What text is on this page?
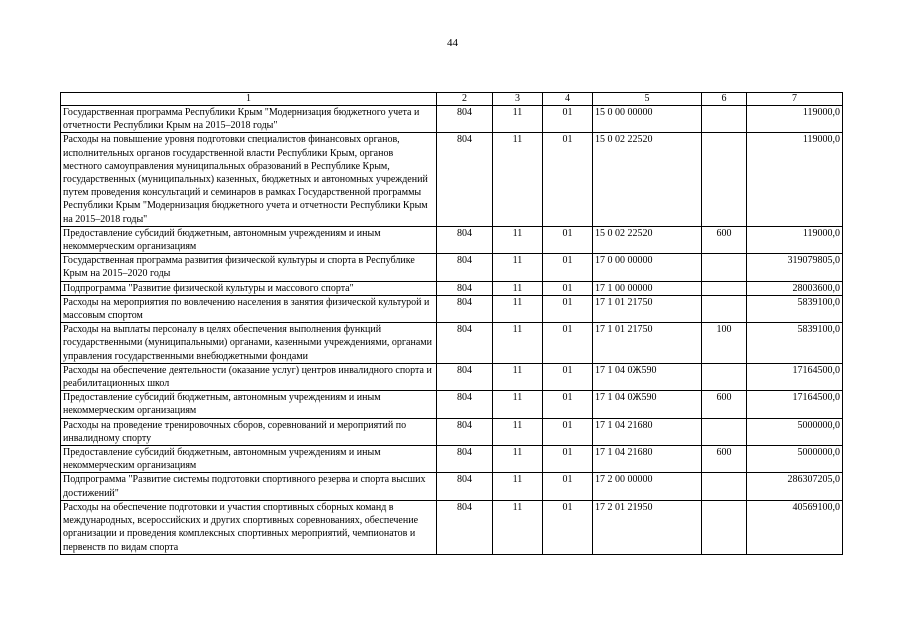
44
1	2	3	4	5	6	7
Государственная программа Республики Крым "Модернизация бюджетного учета и отчетности Республики Крым на 2015–2018 годы"	804	11	01	15 0 00 00000		119000,0
Расходы на повышение уровня подготовки специалистов финансовых органов, исполнительных органов государственной власти Республики Крым, органов местного самоуправления муниципальных образований в Республике Крым, государственных (муниципальных) казенных, бюджетных и автономных учреждений путем проведения консультаций и семинаров в рамках Государственной программы Республики Крым "Модернизация бюджетного учета и отчетности Республики Крым на 2015–2018 годы"	804	11	01	15 0 02 22520		119000,0
Предоставление субсидий бюджетным, автономным учреждениям и иным некоммерческим организациям	804	11	01	15 0 02 22520	600	119000,0
Государственная программа развития физической культуры и спорта в Республике Крым на 2015–2020 годы	804	11	01	17 0 00 00000		319079805,0
Подпрограмма "Развитие физической культуры и массового спорта"	804	11	01	17 1 00 00000		28003600,0
Расходы на мероприятия по вовлечению населения в занятия физической культурой и массовым спортом	804	11	01	17 1 01 21750		5839100,0
Расходы на выплаты персоналу в целях обеспечения выполнения функций государственными (муниципальными) органами, казенными учреждениями, органами управления государственными внебюджетными фондами	804	11	01	17 1 01 21750	100	5839100,0
Расходы на обеспечение деятельности (оказание услуг) центров инвалидного спорта и реабилитационных школ	804	11	01	17 1 04 0Ж590		17164500,0
Предоставление субсидий бюджетным, автономным учреждениям и иным некоммерческим организациям	804	11	01	17 1 04 0Ж590	600	17164500,0
Расходы на проведение тренировочных сборов, соревнований и мероприятий по инвалидному спорту	804	11	01	17 1 04 21680		5000000,0
Предоставление субсидий бюджетным, автономным учреждениям и иным некоммерческим организациям	804	11	01	17 1 04 21680	600	5000000,0
Подпрограмма "Развитие системы подготовки спортивного резерва и спорта высших достижений"	804	11	01	17 2 00 00000		286307205,0
Расходы на обеспечение подготовки и участия спортивных сборных команд в международных, всероссийских и других спортивных соревнованиях, обеспечение организации и проведения комплексных спортивных мероприятий, чемпионатов и первенств по видам спорта	804	11	01	17 2 01 21950		40569100,0
